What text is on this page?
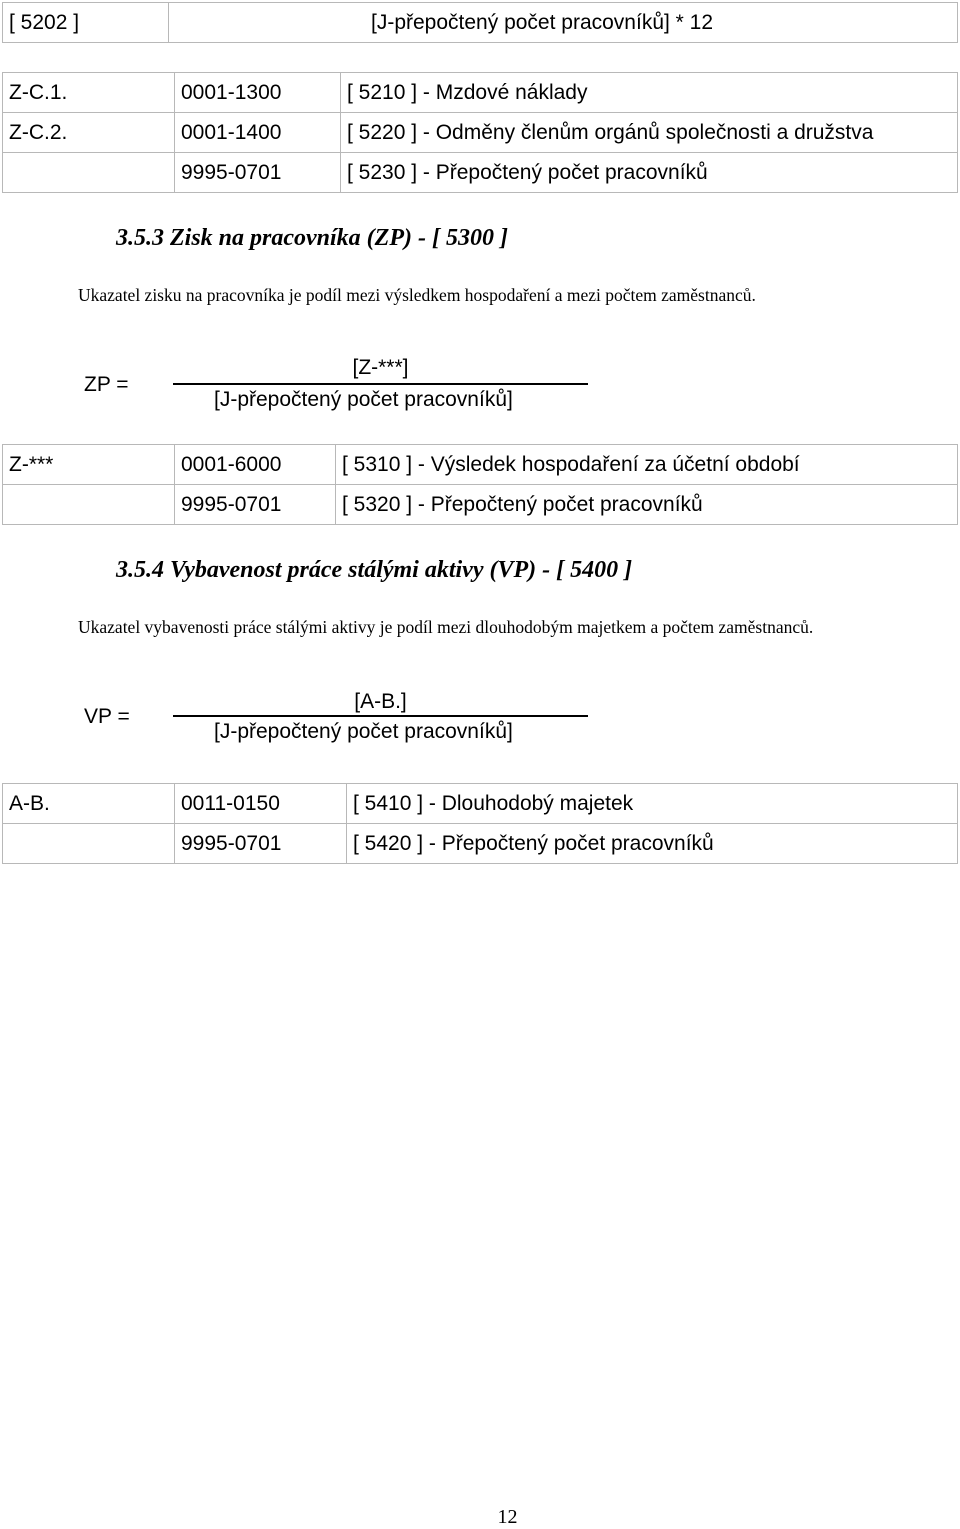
[ 5202 ]	[J-přepočtený počet pracovníků] * 12
Z-C.1.	0001-1300	[ 5210 ] - Mzdové náklady
Z-C.2.	0001-1400	[ 5220 ] - Odměny členům orgánů společnosti a družstva
	9995-0701	[ 5230 ] - Přepočtený počet pracovníků
3.5.3 Zisk na pracovníka (ZP) - [ 5300 ]
Ukazatel zisku na pracovníka je podíl mezi výsledkem hospodaření a mezi počtem zaměstnanců.
ZP =
[Z-***]
[J-přepočtený počet pracovníků]
Z-***	0001-6000	[ 5310 ] - Výsledek hospodaření za účetní období
	9995-0701	[ 5320 ] - Přepočtený počet pracovníků
3.5.4 Vybavenost práce stálými aktivy (VP) - [ 5400 ]
Ukazatel vybavenosti práce stálými aktivy je podíl mezi dlouhodobým majetkem a počtem zaměstnanců.
VP =
[A-B.]
[J-přepočtený počet pracovníků]
A-B.	0011-0150	[ 5410 ] - Dlouhodobý majetek
	9995-0701	[ 5420 ] - Přepočtený počet pracovníků
12
